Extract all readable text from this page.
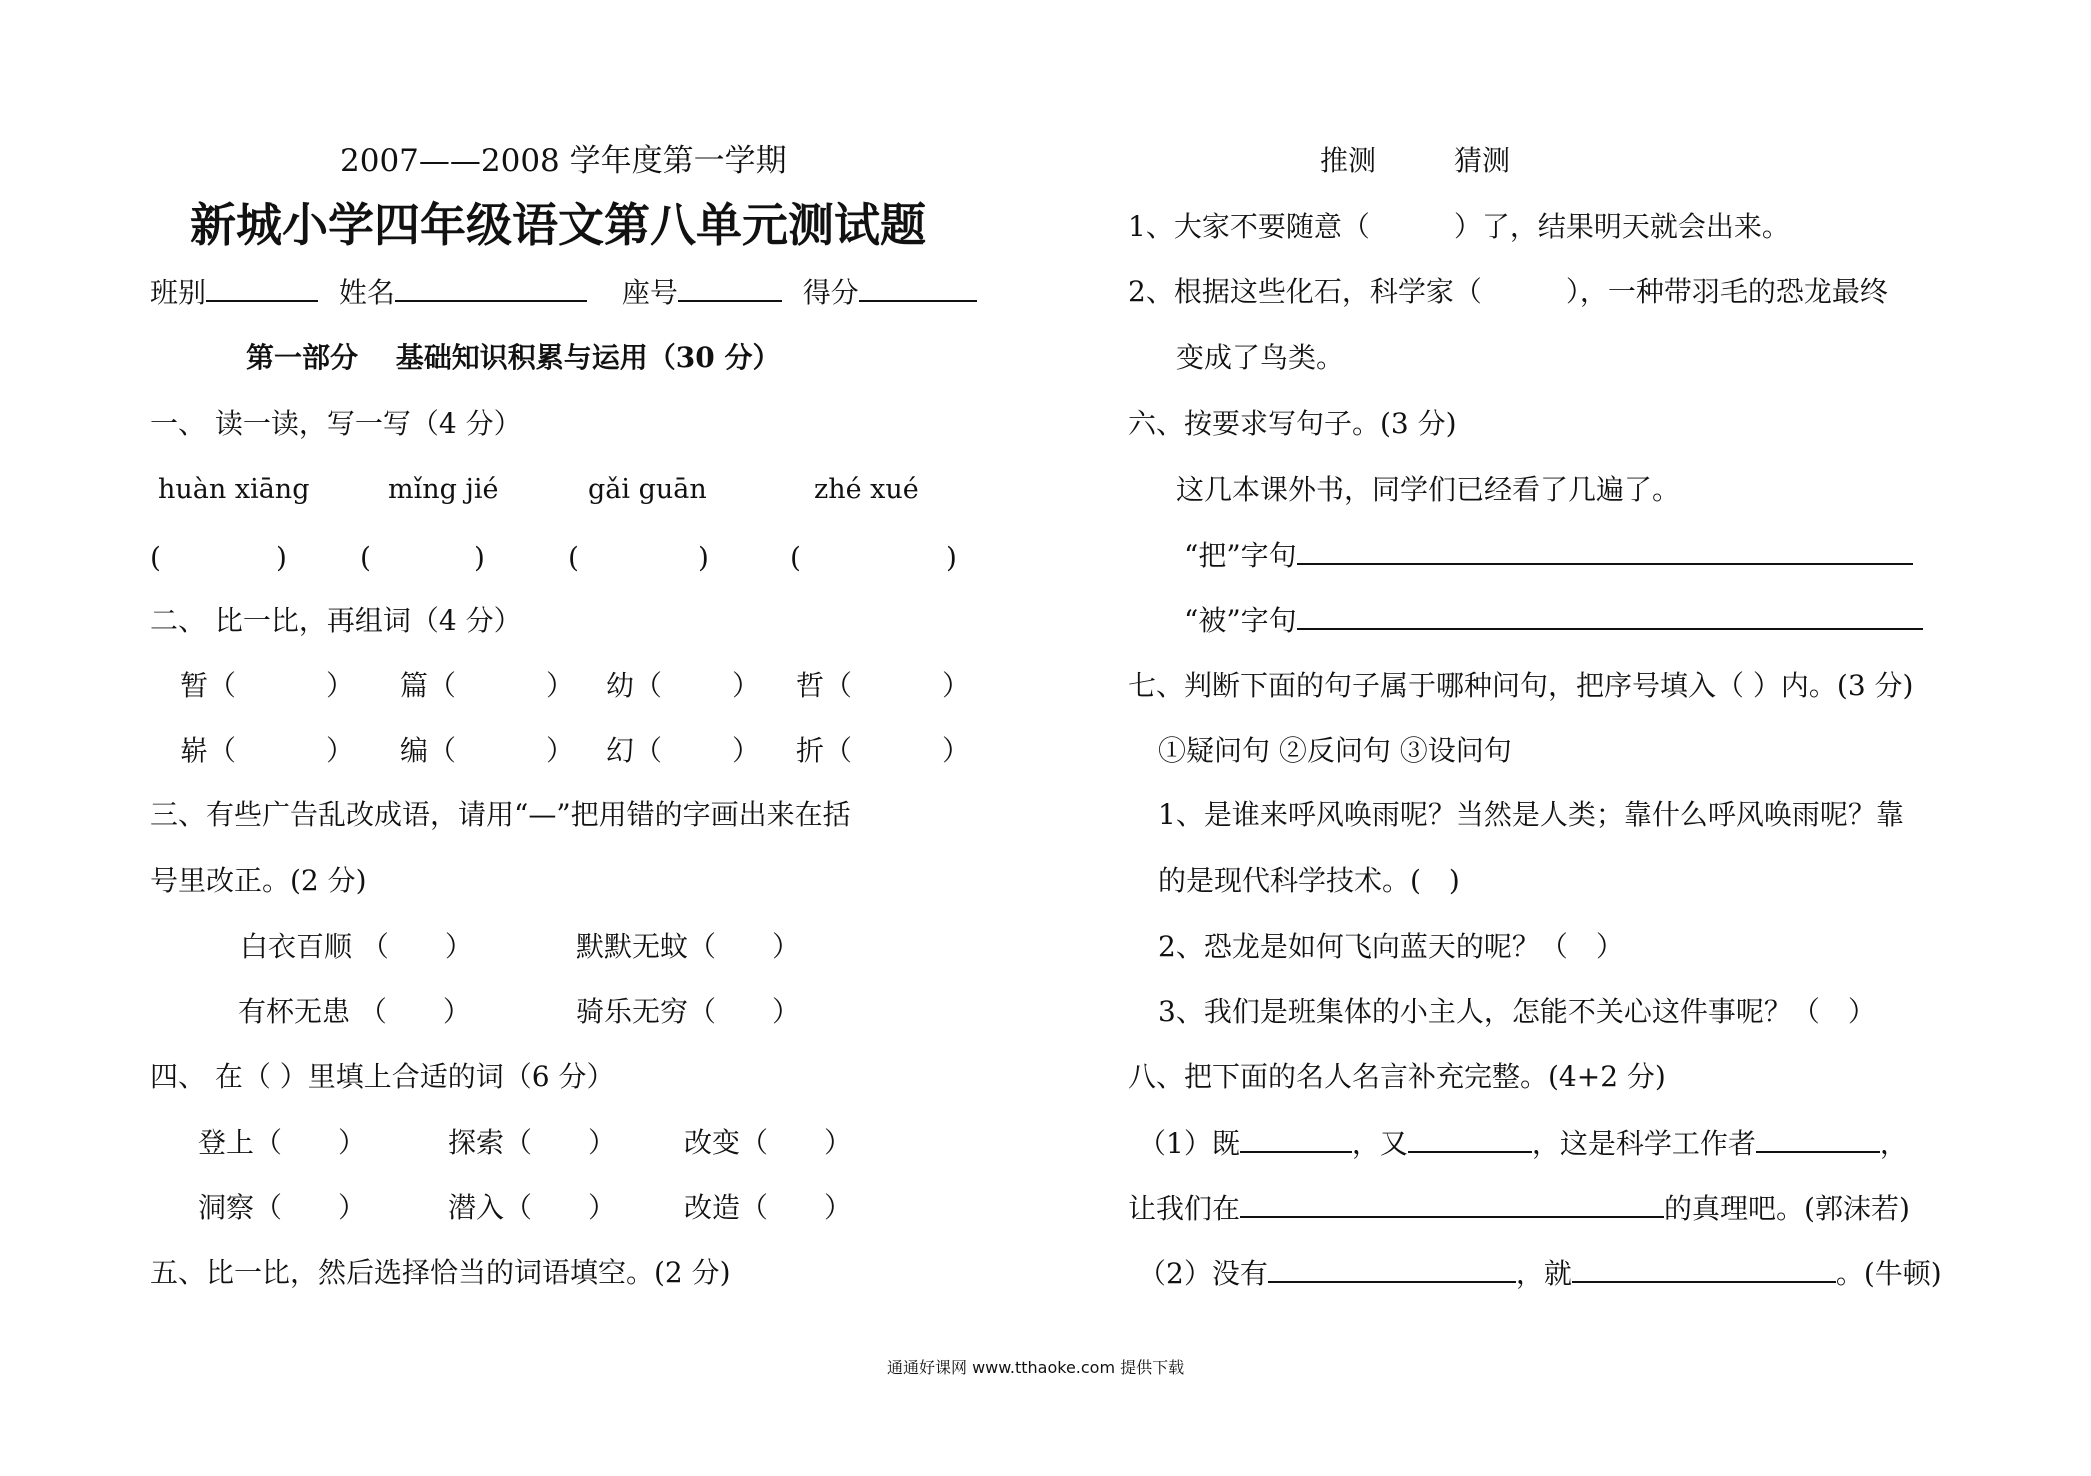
2007——2008 学年度第一学期
新城小学四年级语文第八单元测试题
班别	姓名	座号	得分
第一部分　 基础知识积累与运用（30 分）
一、 读一读，写一写（4 分）
huàn xiāng	mǐng jié	gǎi guān	zhé xué
(	)	(	)	(	)	(	)
二、 比一比，再组词（4 分）
暂（	） 篇（	） 幼（ ） 哲（	）
崭（	） 编（	） 幻（ ） 折（	）
三、有些广告乱改成语，请用“—”把用错的字画出来在括
号里改正。(2 分)
白衣百顺 （　　）	默默无蚊（　　）
有杯无患 （　　）	骑乐无穷（　　）
四、 在（ ）里填上合适的词（6 分）
登上（　　）	探索（　　） 改变（　　）
洞察（　　）	潜入（　　） 改造（　　）
五、比一比，然后选择恰当的词语填空。(2 分)
推测	猜测
1、大家不要随意（　　　）了，结果明天就会出来。
2、根据这些化石，科学家（　　　），一种带羽毛的恐龙最终
变成了鸟类。
六、按要求写句子。(3 分)
这几本课外书，同学们已经看了几遍了。
“把”字句
“被”字句
七、判断下面的句子属于哪种问句，把序号填入（ ）内。(3 分)
①疑问句 ②反问句 ③设问句
1、是谁来呼风唤雨呢？当然是人类；靠什么呼风唤雨呢？靠
的是现代科学技术。(　)
2、恐龙是如何飞向蓝天的呢？（　）
3、我们是班集体的小主人，怎能不关心这件事呢？（　）
八、把下面的名人名言补充完整。(4+2 分)
（1）既	，又	，这是科学工作者	，
让我们在	的真理吧。(郭沫若)
（2）没有	，就	。(牛顿)
通通好课网 www.tthaoke.com 提供下载
